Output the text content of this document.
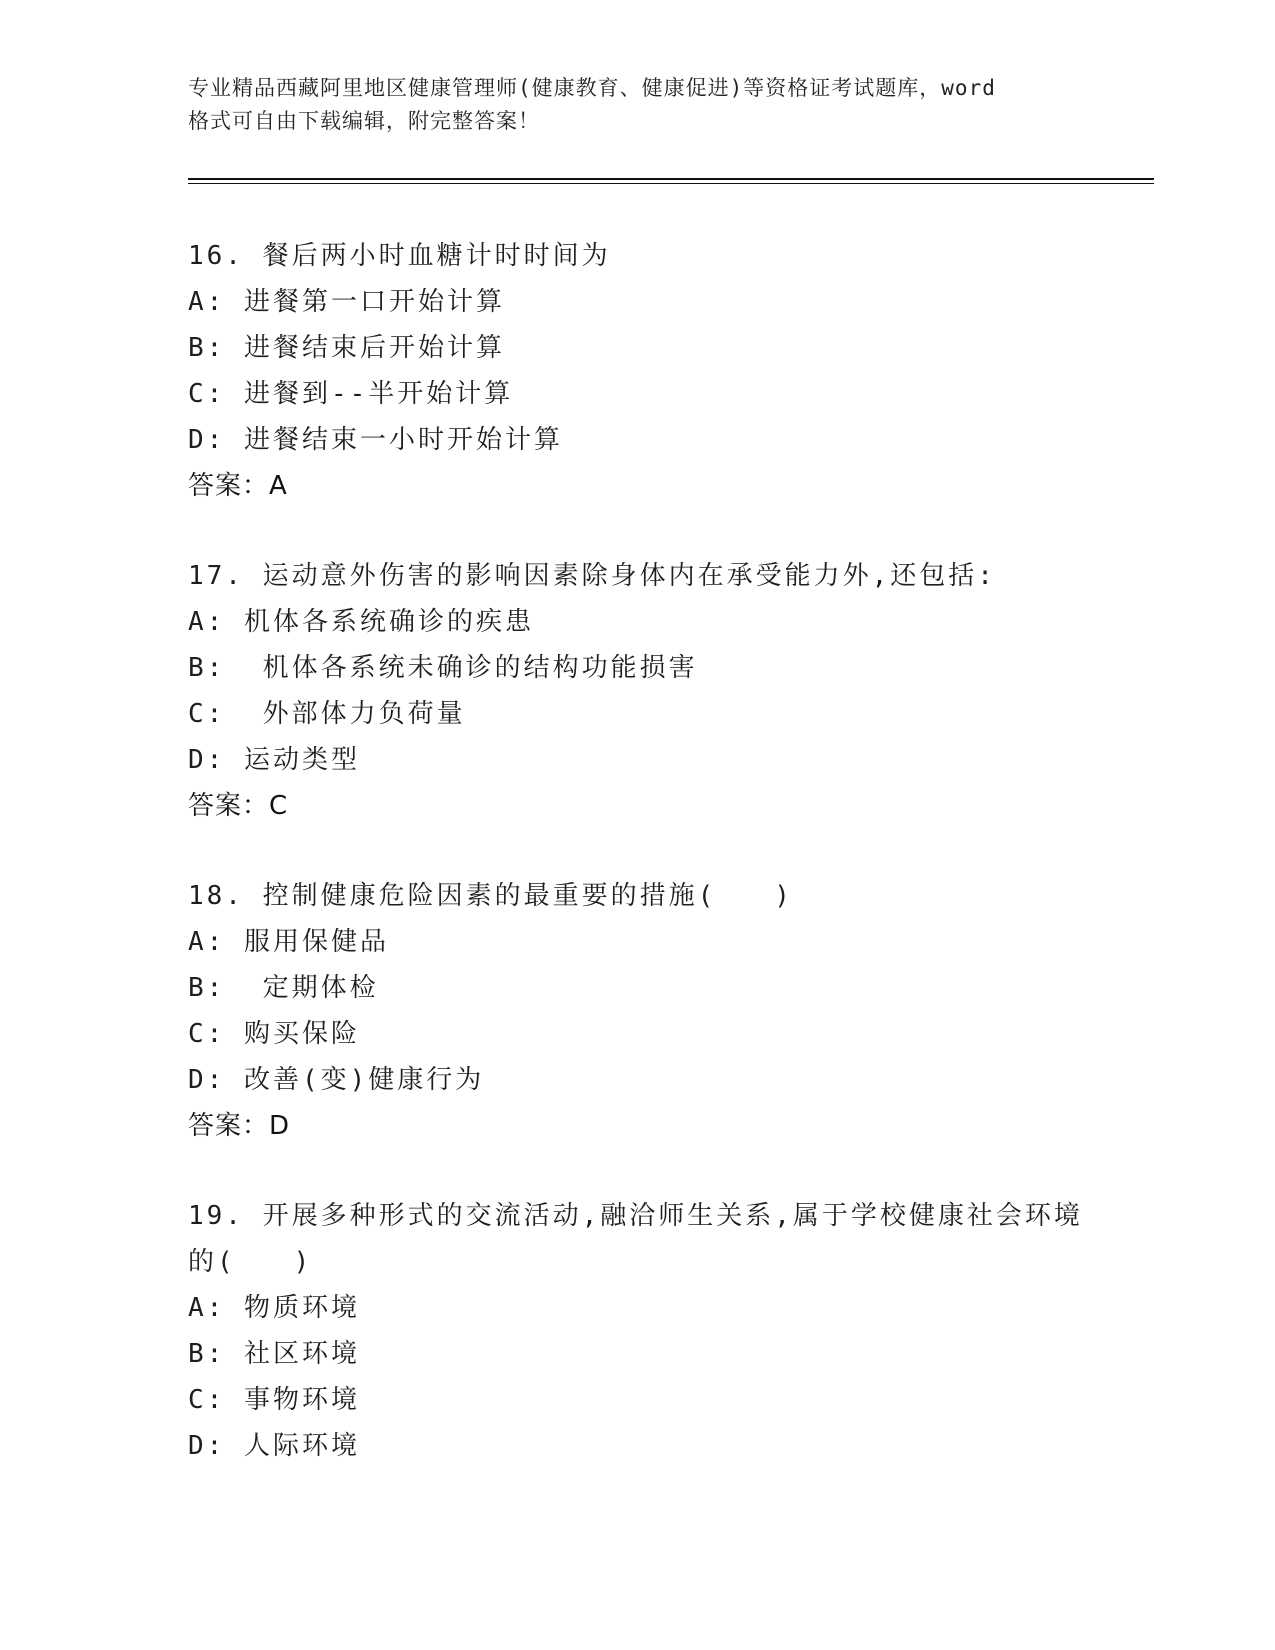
专业精品西藏阿里地区健康管理师(健康教育、健康促进)等资格证考试题库，word
格式可自由下载编辑，附完整答案！
16. 餐后两小时血糖计时时间为
A: 进餐第一口开始计算
B: 进餐结束后开始计算
C: 进餐到--半开始计算
D: 进餐结束一小时开始计算
答案：A
17. 运动意外伤害的影响因素除身体内在承受能力外,还包括:
A: 机体各系统确诊的疾患
B:  机体各系统未确诊的结构功能损害
C:  外部体力负荷量
D: 运动类型
答案：C
18. 控制健康危险因素的最重要的措施(　　)
A: 服用保健品
B:  定期体检
C: 购买保险
D: 改善(变)健康行为
答案：D
19. 开展多种形式的交流活动,融洽师生关系,属于学校健康社会环境
的(　　)
A: 物质环境
B: 社区环境
C: 事物环境
D: 人际环境
